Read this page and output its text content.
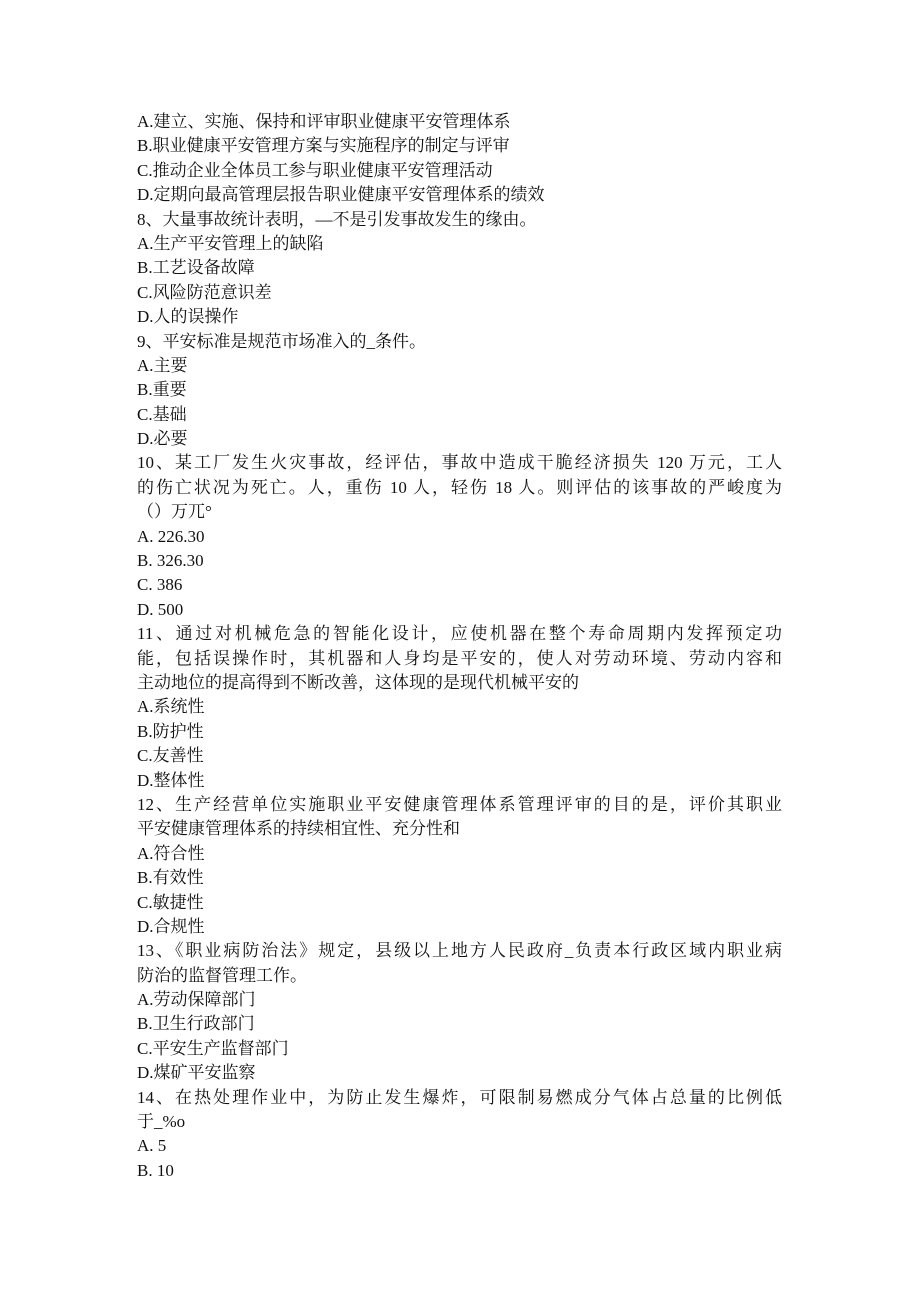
A.建立、实施、保持和评审职业健康平安管理体系
B.职业健康平安管理方案与实施程序的制定与评审
C.推动企业全体员工参与职业健康平安管理活动
D.定期向最高管理层报告职业健康平安管理体系的绩效
8、大量事故统计表明，—不是引发事故发生的缘由。
A.生产平安管理上的缺陷
B.工艺设备故障
C.风险防范意识差
D.人的误操作
9、平安标准是规范市场准入的_条件。
A.主要
B.重要
C.基础
D.必要
10、某工厂发生火灾事故，经评估，事故中造成干脆经济损失 120 万元，工人
的伤亡状况为死亡。人，重伤 10 人，轻伤 18 人。则评估的该事故的严峻度为
（）万兀°
A. 226.30
B. 326.30
C. 386
D. 500
11、通过对机械危急的智能化设计，应使机器在整个寿命周期内发挥预定功
能，包括误操作时，其机器和人身均是平安的，使人对劳动环境、劳动内容和
主动地位的提高得到不断改善，这体现的是现代机械平安的
A.系统性
B.防护性
C.友善性
D.整体性
12、生产经营单位实施职业平安健康管理体系管理评审的目的是，评价其职业
平安健康管理体系的持续相宜性、充分性和
A.符合性
B.有效性
C.敏捷性
D.合规性
13、《职业病防治法》规定，县级以上地方人民政府_负责本行政区域内职业病
防治的监督管理工作。
A.劳动保障部门
B.卫生行政部门
C.平安生产监督部门
D.煤矿平安监察
14、在热处理作业中，为防止发生爆炸，可限制易燃成分气体占总量的比例低
于_%o
A. 5
B. 10
